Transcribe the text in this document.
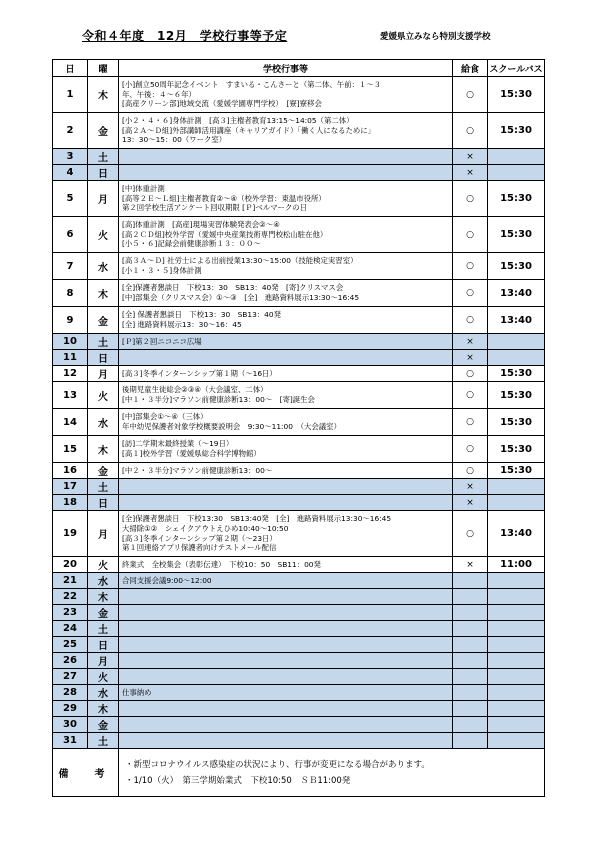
令和４年度　12月　学校行事等予定	愛媛県立みなら特別支援学校
日	曜	学校行事等	給食	スクールバス
1	木	[小]創立50周年記念イベント　すまいる・こんさーと（第二体、午前：１～３
年、午後：４～６年）
[高産クリーン部]地域交流（愛媛学園専門学校）　[寮]寮移会	○	15:30
2	金	[小２・４・６]身体計測　[高３]主権者教育13:15～14:05（第二体）
[高２Ａ～Ｄ組]外部講師活用講座（キャリアガイド）「働く人になるために」
13：30～15：00（ワーク室）	○	15:30
3	土		×	
4	日		×	
5	月	[中]体重計測
[高等２Ｅ～Ｌ組]主権者教育②～④（校外学習：東温市役所）
第２回学校生活アンケート回収期限 [Ｐ]ベルマークの日	○	15:30
6	火	[高]体重計測　[高産]現場実習体験発表会②～④
[高２ＣＤ組]校外学習（愛媛中央産業技術専門校松山駐在他）
[小５・６]記録会前健康診断１３：００～	○	15:30
7	水	[高３Ａ～Ｄ] 社労士による出前授業13:30～15:00（技能検定実習室）
[小１・３・５]身体計測	○	15:30
8	木	[全]保護者懇談日　下校13：30　SB13：40発　[寄]クリスマス会
[中]部集会（クリスマス会）①～③　[全]　進路資料展示13:30～16:45	○	13:40
9	金	[全] 保護者懇談日　下校13：30　SB13：40発
[全] 進路資料展示13：30～16：45	○	13:40
10	土	[Ｐ]第２回ニコニコ広場	×	
11	日		×	
12	月	[高３]冬季インターンシップ第１期（～16日）	○	15:30
13	火	後期児童生徒総会②③④（大会議室、二体）
[中１・３半分]マラソン前健康診断13：00～　[寄]誕生会	○	15:30
14	水	[中]部集会①～④（三体）
年中幼児保護者対象学校概要説明会　9:30～11:00　（大会議室）	○	15:30
15	木	[訪]二学期末最終授業（～19日）
[高１]校外学習（愛媛県総合科学博物館）	○	15:30
16	金	[中２・３半分]マラソン前健康診断13：00～	○	15:30
17	土		×	
18	日		×	
19	月	[全]保護者懇談日　下校13:30　SB13:40発　[全]　進路資料展示13:30～16:45
大掃除①②　シェイクアウトえひめ10:40～10:50
[高３]冬季インターンシップ第２期（～23日）
第１回連絡アプリ保護者向けテストメール配信	○	13:40
20	火	終業式　全校集会（表彰伝達）　下校10：50　SB11：00発	×	11:00
21	水	合同支援会議9:00～12:00		

22	木			
23	金			
24	土			
25	日			
26	月			
27	火			
28	水	仕事納め		

29	木			
30	金			
31	土			
備　考		・新型コロナウイルス感染症の状況により、行事が変更になる場合があります。
・1/10（火）　第三学期始業式　下校10:50　ＳＢ11:00発		
